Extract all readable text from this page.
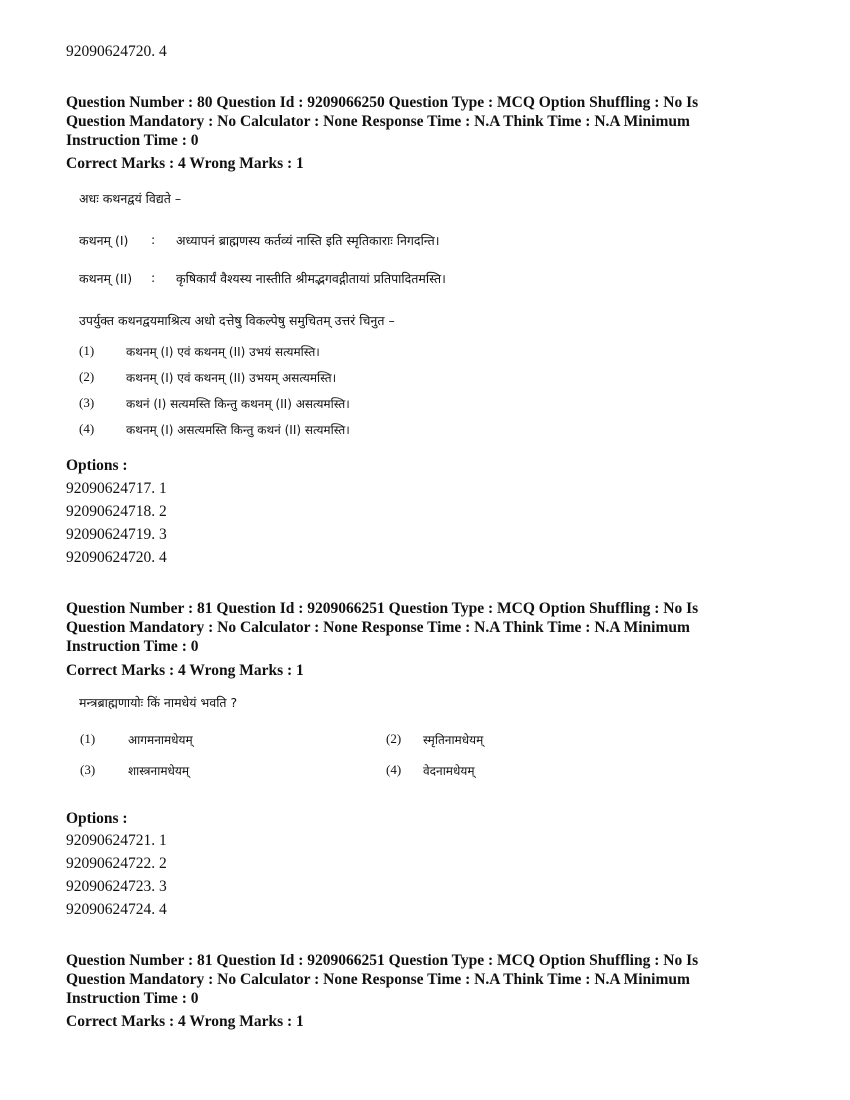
92090624720. 4
Question Number : 80 Question Id : 9209066250 Question Type : MCQ Option Shuffling : No Is
Question Mandatory : No Calculator : None Response Time : N.A Think Time : N.A Minimum
Instruction Time : 0
Correct Marks : 4 Wrong Marks : 1
अधः कथनद्वयं विद्यते –
कथनम् (I) : अध्यापनं ब्राह्मणस्य कर्तव्यं नास्ति इति स्मृतिकाराः निगदन्ति।
कथनम् (II) : कृषिकार्यं वैश्यस्य नास्तीति श्रीमद्भगवद्गीतायां प्रतिपादितमस्ति।
उपर्युक्त कथनद्वयमाश्रित्य अधो दत्तेषु विकल्पेषु समुचितम् उत्तरं चिनुत –
(1)	कथनम् (I) एवं कथनम् (II) उभयं सत्यमस्ति।
(2)	कथनम् (I) एवं कथनम् (II) उभयम् असत्यमस्ति।
(3)	कथनं (I) सत्यमस्ति किन्तु कथनम् (II) असत्यमस्ति।
(4)	कथनम् (I) असत्यमस्ति किन्तु कथनं (II) सत्यमस्ति।
Options :
92090624717. 1
92090624718. 2
92090624719. 3
92090624720. 4
Question Number : 81 Question Id : 9209066251 Question Type : MCQ Option Shuffling : No Is
Question Mandatory : No Calculator : None Response Time : N.A Think Time : N.A Minimum
Instruction Time : 0
Correct Marks : 4 Wrong Marks : 1
मन्त्रब्राह्मणायोः किं नामधेयं भवति ?
(1)	आगमनामधेयम्	(2) स्मृतिनामधेयम्
(3)	शास्त्रनामधेयम्	(4) वेदनामधेयम्
Options :
92090624721. 1
92090624722. 2
92090624723. 3
92090624724. 4
Question Number : 81 Question Id : 9209066251 Question Type : MCQ Option Shuffling : No Is
Question Mandatory : No Calculator : None Response Time : N.A Think Time : N.A Minimum
Instruction Time : 0
Correct Marks : 4 Wrong Marks : 1
